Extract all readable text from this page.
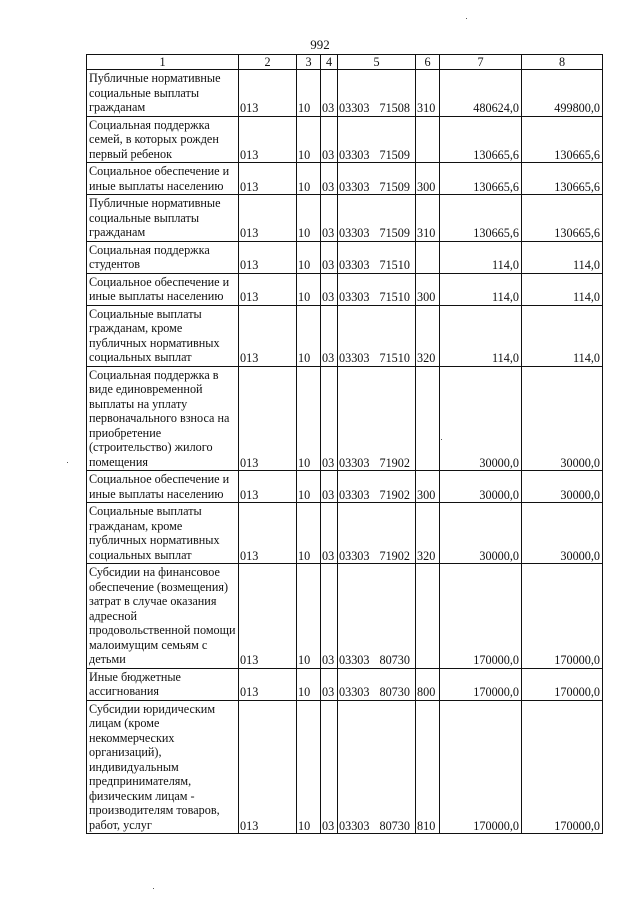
992
1	2	3	4	5	6	7	8
Публичные нормативные социальные выплаты гражданам	013	10	03	03303 71508	310	480624,0	499800,0
Социальная поддержка семей, в которых рожден первый ребенок	013	10	03	03303 71509		130665,6	130665,6
Социальное обеспечение и иные выплаты населению	013	10	03	03303 71509	300	130665,6	130665,6
Публичные нормативные социальные выплаты гражданам	013	10	03	03303 71509	310	130665,6	130665,6
Социальная поддержка студентов	013	10	03	03303 71510		114,0	114,0
Социальное обеспечение и иные выплаты населению	013	10	03	03303 71510	300	114,0	114,0
Социальные выплаты гражданам, кроме публичных нормативных социальных выплат	013	10	03	03303 71510	320	114,0	114,0
Социальная поддержка в виде единовременной выплаты на уплату первоначального взноса на приобретение (строительство) жилого помещения	013	10	03	03303 71902		30000,0	30000,0
Социальное обеспечение и иные выплаты населению	013	10	03	03303 71902	300	30000,0	30000,0
Социальные выплаты гражданам, кроме публичных нормативных социальных выплат	013	10	03	03303 71902	320	30000,0	30000,0
Субсидии на финансовое обеспечение (возмещения) затрат в случае оказания адресной продовольственной помощи малоимущим семьям с детьми	013	10	03	03303 80730		170000,0	170000,0
Иные бюджетные ассигнования	013	10	03	03303 80730	800	170000,0	170000,0
Субсидии юридическим лицам (кроме некоммерческих организаций), индивидуальным предпринимателям, физическим лицам - производителям товаров, работ, услуг	013	10	03	03303 80730	810	170000,0	170000,0
